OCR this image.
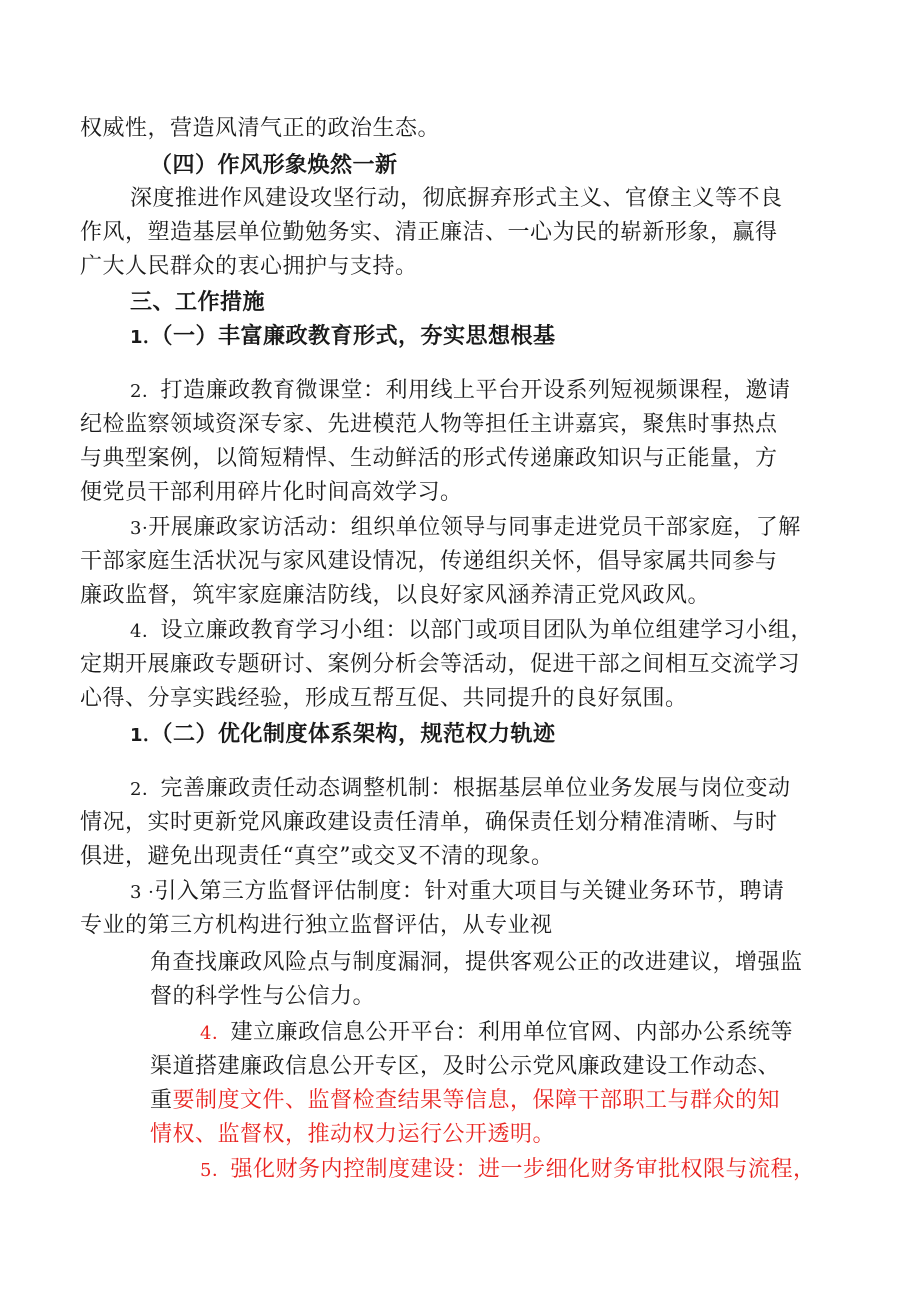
权威性，营造风清气正的政治生态。
（四）作风形象焕然一新
深度推进作风建设攻坚行动，彻底摒弃形式主义、官僚主义等不良
作风，塑造基层单位勤勉务实、清正廉洁、一心为民的崭新形象，赢得
广大人民群众的衷心拥护与支持。
三、工作措施
1．（一）丰富廉政教育形式，夯实思想根基
2．打造廉政教育微课堂：利用线上平台开设系列短视频课程，邀请
纪检监察领域资深专家、先进模范人物等担任主讲嘉宾，聚焦时事热点
与典型案例，以简短精悍、生动鲜活的形式传递廉政知识与正能量，方
便党员干部利用碎片化时间高效学习。
3·开展廉政家访活动：组织单位领导与同事走进党员干部家庭，了解
干部家庭生活状况与家风建设情况，传递组织关怀，倡导家属共同参与
廉政监督，筑牢家庭廉洁防线，以良好家风涵养清正党风政风。
4．设立廉政教育学习小组：以部门或项目团队为单位组建学习小组，
定期开展廉政专题研讨、案例分析会等活动，促进干部之间相互交流学习
心得、分享实践经验，形成互帮互促、共同提升的良好氛围。
1．（二）优化制度体系架构，规范权力轨迹
2．完善廉政责任动态调整机制：根据基层单位业务发展与岗位变动
情况，实时更新党风廉政建设责任清单，确保责任划分精准清晰、与时
俱进，避免出现责任“真空”或交叉不清的现象。
3 ·引入第三方监督评估制度：针对重大项目与关键业务环节，聘请
专业的第三方机构进行独立监督评估，从专业视
角查找廉政风险点与制度漏洞，提供客观公正的改进建议，增强监
督的科学性与公信力。
4．建立廉政信息公开平台：利用单位官网、内部办公系统等
渠道搭建廉政信息公开专区，及时公示党风廉政建设工作动态、
重要制度文件、监督检查结果等信息，保障干部职工与群众的知
情权、监督权，推动权力运行公开透明。
5．强化财务内控制度建设：进一步细化财务审批权限与流程，
